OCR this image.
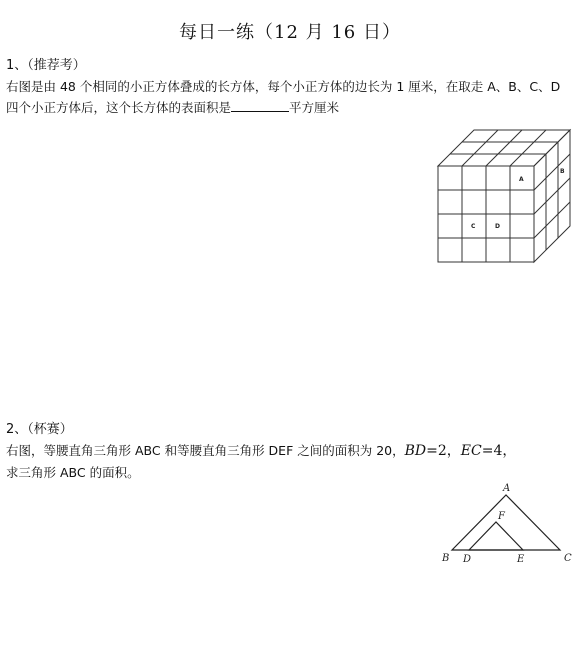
每日一练（12 月 16 日）
1、（推荐考）
右图是由 48 个相同的小正方体叠成的长方体，每个小正方体的边长为 1 厘米，在取走 A、B、C、D 四个小正方体后，这个长方体的表面积是	平方厘米
A
B
C	D
2、（杯赛）
右图，等腰直角三角形 ABC 和等腰直角三角形 DEF 之间的面积为 20，BD=2，EC=4，
求三角形 ABC 的面积。
A
B	C
D	E
F
